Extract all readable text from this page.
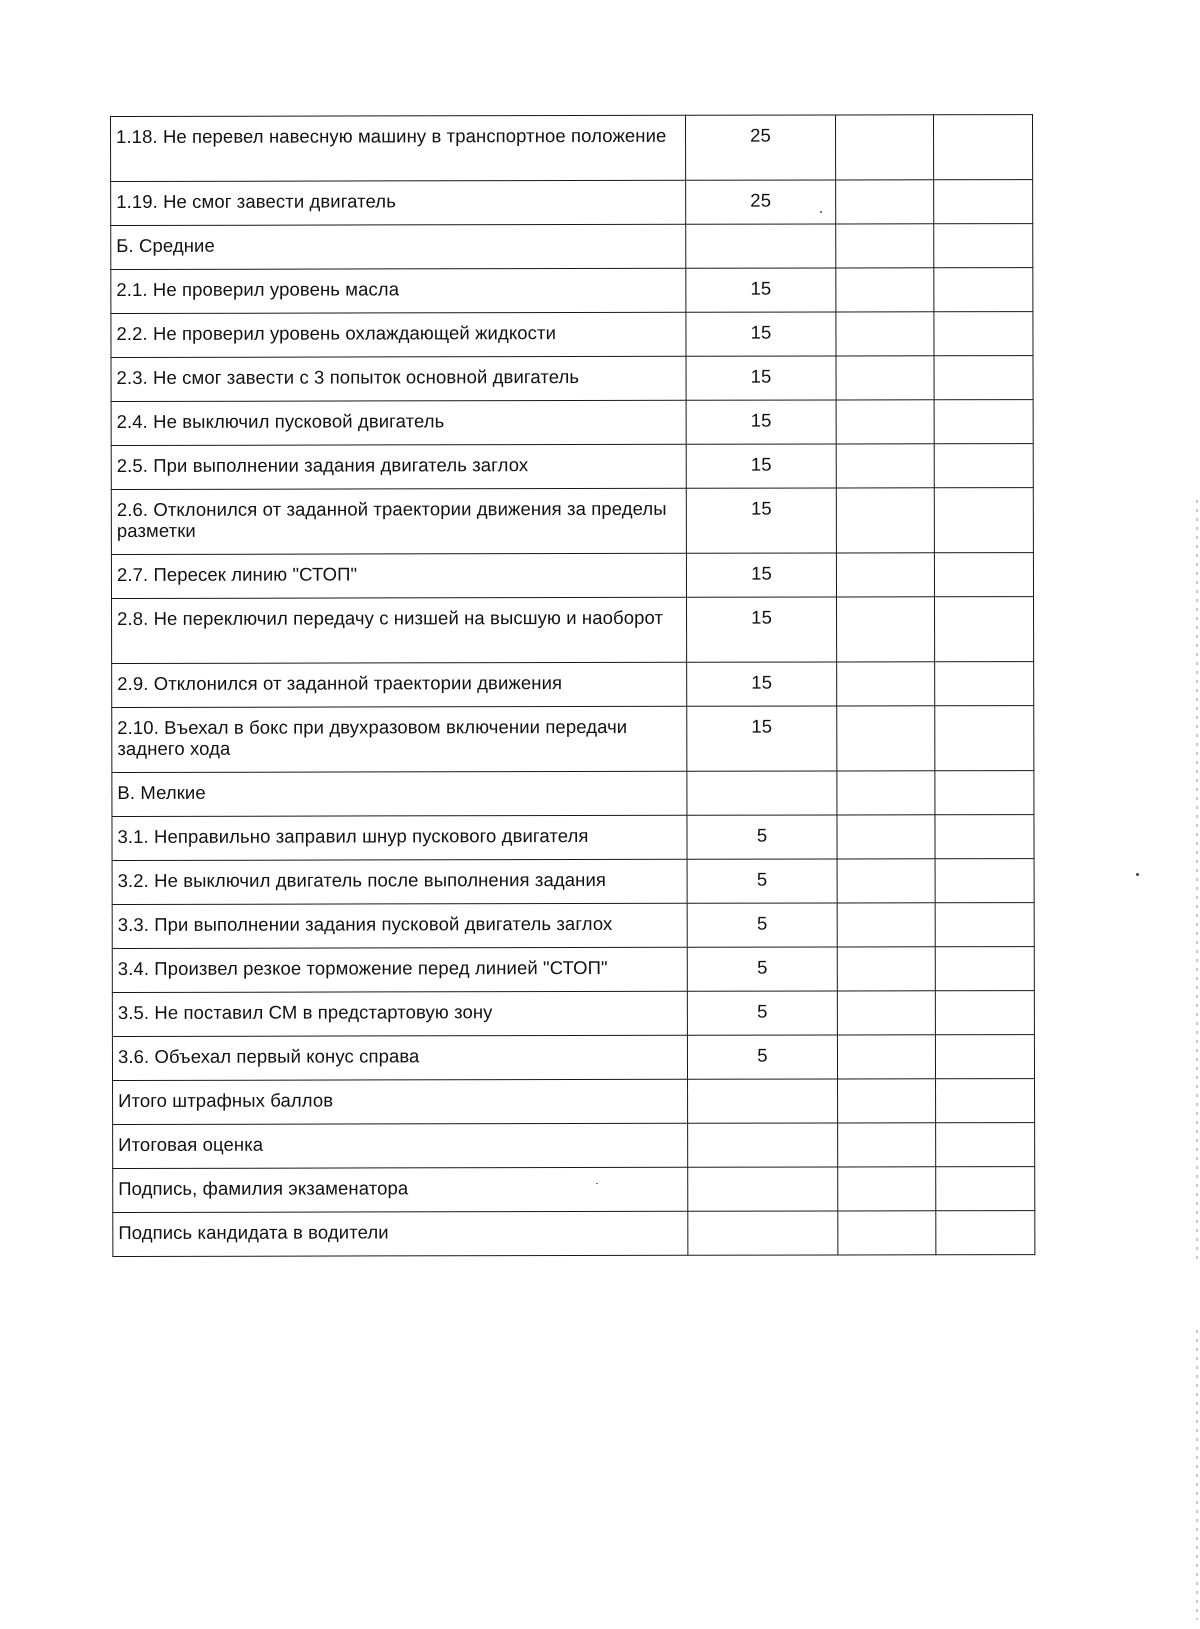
1.18. Не перевел навесную машину в транспортное положение	25		
1.19. Не смог завести двигатель	25		
Б. Средние			
2.1. Не проверил уровень масла	15		
2.2. Не проверил уровень охлаждающей жидкости	15		
2.3. Не смог завести с 3 попыток основной двигатель	15		
2.4. Не выключил пусковой двигатель	15		
2.5. При выполнении задания двигатель заглох	15		
2.6. Отклонился от заданной траектории движения за пределы разметки	15		
2.7. Пересек линию "СТОП"	15		
2.8. Не переключил передачу с низшей на высшую и наоборот	15		
2.9. Отклонился от заданной траектории движения	15		
2.10. Въехал в бокс при двухразовом включении передачи заднего хода	15		
В. Мелкие			
3.1. Неправильно заправил шнур пускового двигателя	5		
3.2. Не выключил двигатель после выполнения задания	5		
3.3. При выполнении задания пусковой двигатель заглох	5		
3.4. Произвел резкое торможение перед линией "СТОП"	5		
3.5. Не поставил СМ в предстартовую зону	5		
3.6. Объехал первый конус справа	5		
Итого штрафных баллов			
Итоговая оценка			
Подпись, фамилия экзаменатора			
Подпись кандидата в водители			
